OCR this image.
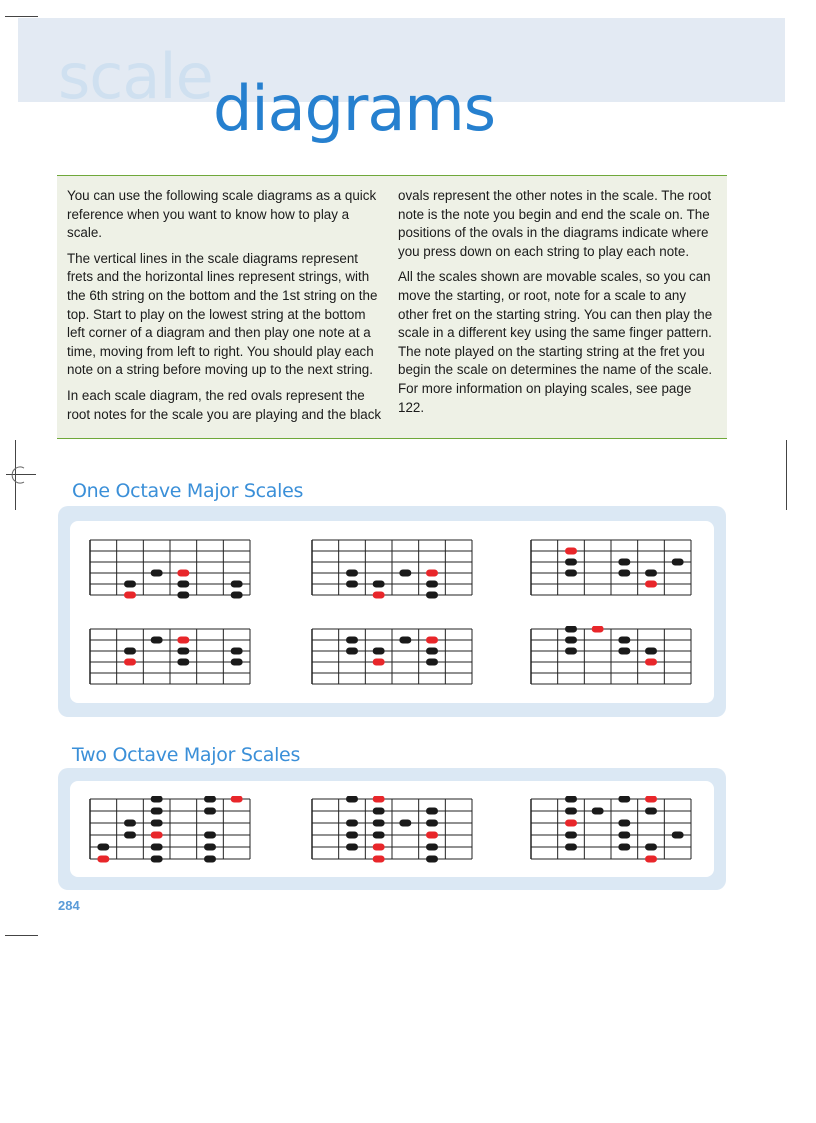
scale diagrams

You can use the following scale diagrams as a quick reference when you want to know how to play a scale.

The vertical lines in the scale diagrams represent frets and the horizontal lines represent strings, with the 6th string on the bottom and the 1st string on the top. Start to play on the lowest string at the bottom left corner of a diagram and then play one note at a time, moving from left to right. You should play each note on a string before moving up to the next string.

In each scale diagram, the red ovals represent the root notes for the scale you are playing and the black

ovals represent the other notes in the scale. The root note is the note you begin and end the scale on. The positions of the ovals in the diagrams indicate where you press down on each string to play each note.

All the scales shown are movable scales, so you can move the starting, or root, note for a scale to any other fret on the starting string. You can then play the scale in a different key using the same finger pattern. The note played on the starting string at the fret you begin the scale on determines the name of the scale. For more information on playing scales, see page 122.

One Octave Major Scales
Two Octave Major Scales
284
